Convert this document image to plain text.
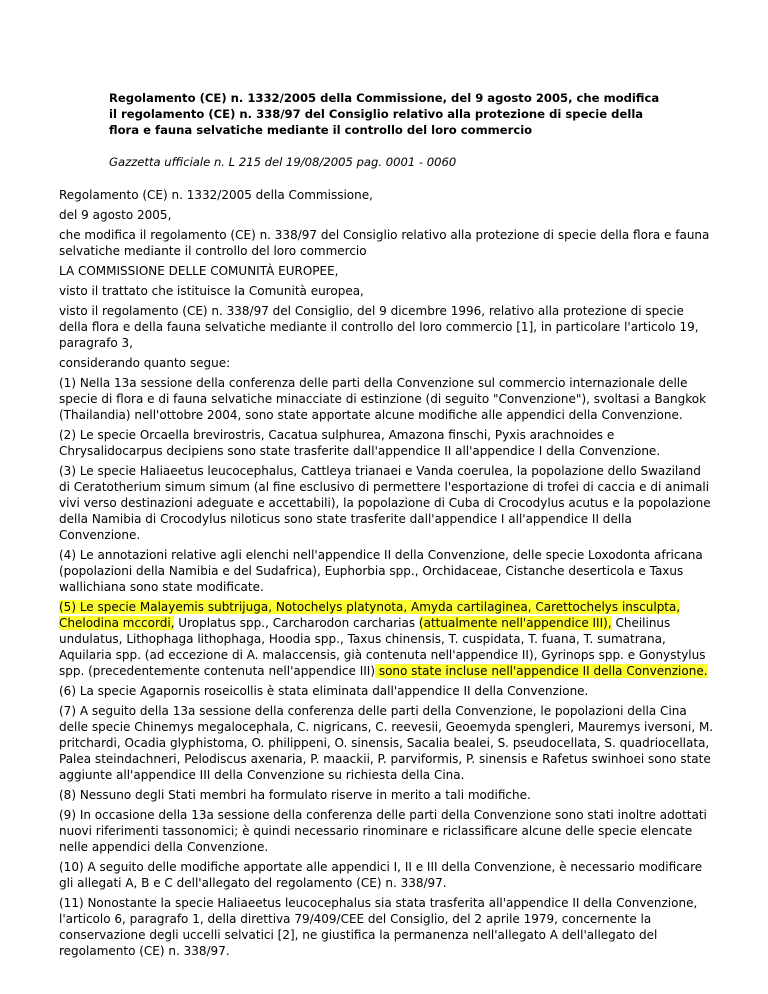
Regolamento (CE) n. 1332/2005 della Commissione, del 9 agosto 2005, che modifica il regolamento (CE) n. 338/97 del Consiglio relativo alla protezione di specie della flora e fauna selvatiche mediante il controllo del loro commercio

Gazzetta ufficiale n. L 215 del 19/08/2005 pag. 0001 - 0060

Regolamento (CE) n. 1332/2005 della Commissione,
del 9 agosto 2005,
che modifica il regolamento (CE) n. 338/97 del Consiglio relativo alla protezione di specie della flora e fauna selvatiche mediante il controllo del loro commercio
LA COMMISSIONE DELLE COMUNITÀ EUROPEE,
visto il trattato che istituisce la Comunità europea,
visto il regolamento (CE) n. 338/97 del Consiglio, del 9 dicembre 1996, relativo alla protezione di specie della flora e della fauna selvatiche mediante il controllo del loro commercio [1], in particolare l'articolo 19, paragrafo 3,
considerando quanto segue:
(1) Nella 13a sessione della conferenza delle parti della Convenzione sul commercio internazionale delle specie di flora e di fauna selvatiche minacciate di estinzione (di seguito "Convenzione"), svoltasi a Bangkok (Thailandia) nell'ottobre 2004, sono state apportate alcune modifiche alle appendici della Convenzione.
(2) Le specie Orcaella brevirostris, Cacatua sulphurea, Amazona finschi, Pyxis arachnoides e Chrysalidocarpus decipiens sono state trasferite dall'appendice II all'appendice I della Convenzione.
(3) Le specie Haliaeetus leucocephalus, Cattleya trianaei e Vanda coerulea, la popolazione dello Swaziland di Ceratotherium simum simum (al fine esclusivo di permettere l'esportazione di trofei di caccia e di animali vivi verso destinazioni adeguate e accettabili), la popolazione di Cuba di Crocodylus acutus e la popolazione della Namibia di Crocodylus niloticus sono state trasferite dall'appendice I all'appendice II della Convenzione.
(4) Le annotazioni relative agli elenchi nell'appendice II della Convenzione, delle specie Loxodonta africana (popolazioni della Namibia e del Sudafrica), Euphorbia spp., Orchidaceae, Cistanche deserticola e Taxus wallichiana sono state modificate.
(5) Le specie Malayemis subtrijuga, Notochelys platynota, Amyda cartilaginea, Carettochelys insculpta, Chelodina mccordi, Uroplatus spp., Carcharodon carcharias (attualmente nell'appendice III), Cheilinus undulatus, Lithophaga lithophaga, Hoodia spp., Taxus chinensis, T. cuspidata, T. fuana, T. sumatrana, Aquilaria spp. (ad eccezione di A. malaccensis, già contenuta nell'appendice II), Gyrinops spp. e Gonystylus spp. (precedentemente contenuta nell'appendice III) sono state incluse nell'appendice II della Convenzione.
(6) La specie Agapornis roseicollis è stata eliminata dall'appendice II della Convenzione.
(7) A seguito della 13a sessione della conferenza delle parti della Convenzione, le popolazioni della Cina delle specie Chinemys megalocephala, C. nigricans, C. reevesii, Geoemyda spengleri, Mauremys iversoni, M. pritchardi, Ocadia glyphistoma, O. philippeni, O. sinensis, Sacalia bealei, S. pseudocellata, S. quadriocellata, Palea steindachneri, Pelodiscus axenaria, P. maackii, P. parviformis, P. sinensis e Rafetus swinhoei sono state aggiunte all'appendice III della Convenzione su richiesta della Cina.
(8) Nessuno degli Stati membri ha formulato riserve in merito a tali modifiche.
(9) In occasione della 13a sessione della conferenza delle parti della Convenzione sono stati inoltre adottati nuovi riferimenti tassonomici; è quindi necessario rinominare e riclassificare alcune delle specie elencate nelle appendici della Convenzione.
(10) A seguito delle modifiche apportate alle appendici I, II e III della Convenzione, è necessario modificare gli allegati A, B e C dell'allegato del regolamento (CE) n. 338/97.
(11) Nonostante la specie Haliaeetus leucocephalus sia stata trasferita all'appendice II della Convenzione, l'articolo 6, paragrafo 1, della direttiva 79/409/CEE del Consiglio, del 2 aprile 1979, concernente la conservazione degli uccelli selvatici [2], ne giustifica la permanenza nell'allegato A dell'allegato del regolamento (CE) n. 338/97.
